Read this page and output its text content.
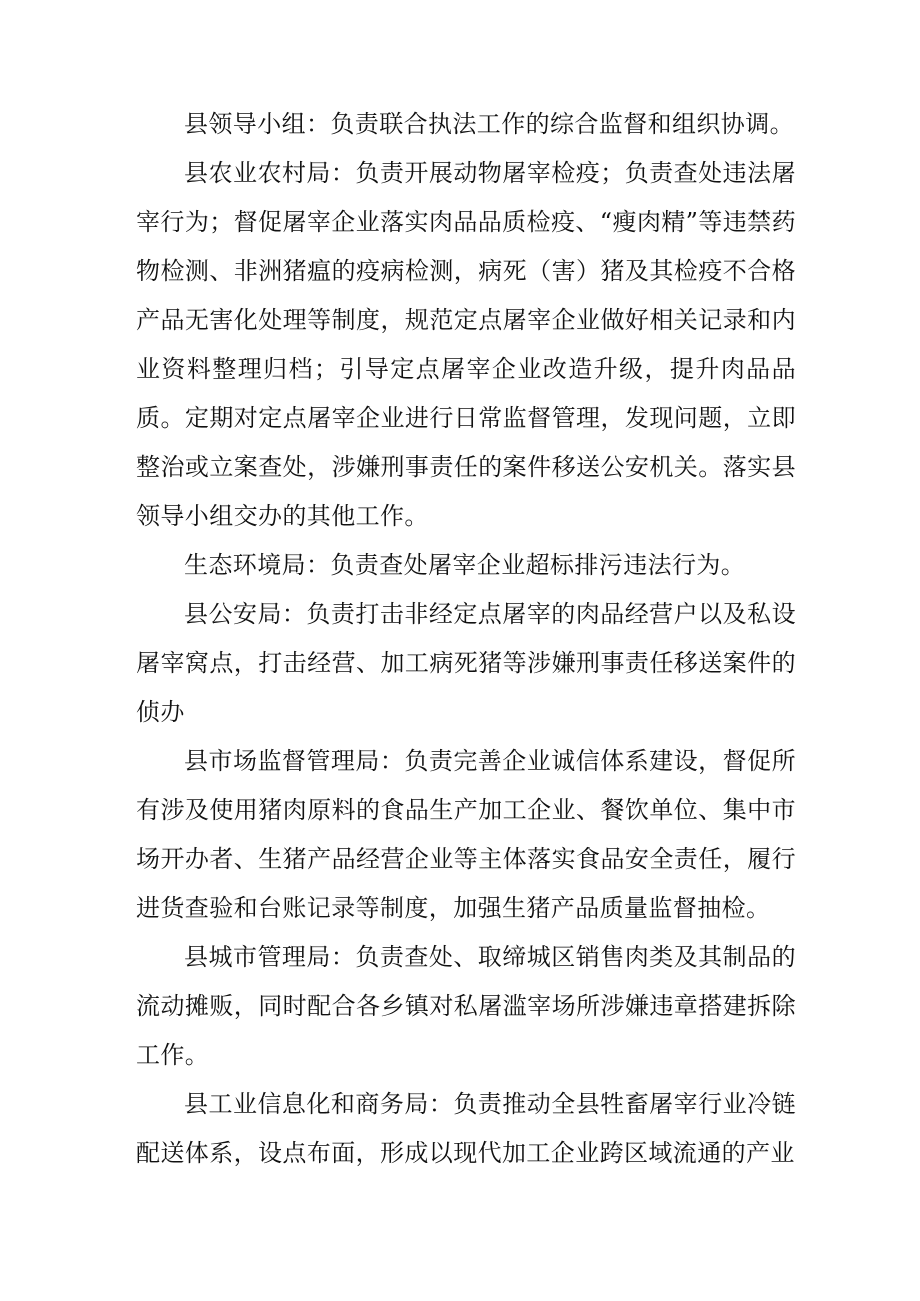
县领导小组：负责联合执法工作的综合监督和组织协调。

县农业农村局：负责开展动物屠宰检疫；负责查处违法屠宰行为；督促屠宰企业落实肉品品质检疫、“瘦肉精”等违禁药物检测、非洲猪瘟的疫病检测，病死（害）猪及其检疫不合格产品无害化处理等制度，规范定点屠宰企业做好相关记录和内业资料整理归档；引导定点屠宰企业改造升级，提升肉品品质。定期对定点屠宰企业进行日常监督管理，发现问题，立即整治或立案查处，涉嫌刑事责任的案件移送公安机关。落实县领导小组交办的其他工作。

生态环境局：负责查处屠宰企业超标排污违法行为。

县公安局：负责打击非经定点屠宰的肉品经营户以及私设屠宰窝点，打击经营、加工病死猪等涉嫌刑事责任移送案件的侦办

县市场监督管理局：负责完善企业诚信体系建设，督促所有涉及使用猪肉原料的食品生产加工企业、餐饮单位、集中市场开办者、生猪产品经营企业等主体落实食品安全责任，履行进货查验和台账记录等制度，加强生猪产品质量监督抽检。

县城市管理局：负责查处、取缔城区销售肉类及其制品的流动摊贩，同时配合各乡镇对私屠滥宰场所涉嫌违章搭建拆除工作。

县工业信息化和商务局：负责推动全县牲畜屠宰行业冷链配送体系，设点布面，形成以现代加工企业跨区域流通的产业
